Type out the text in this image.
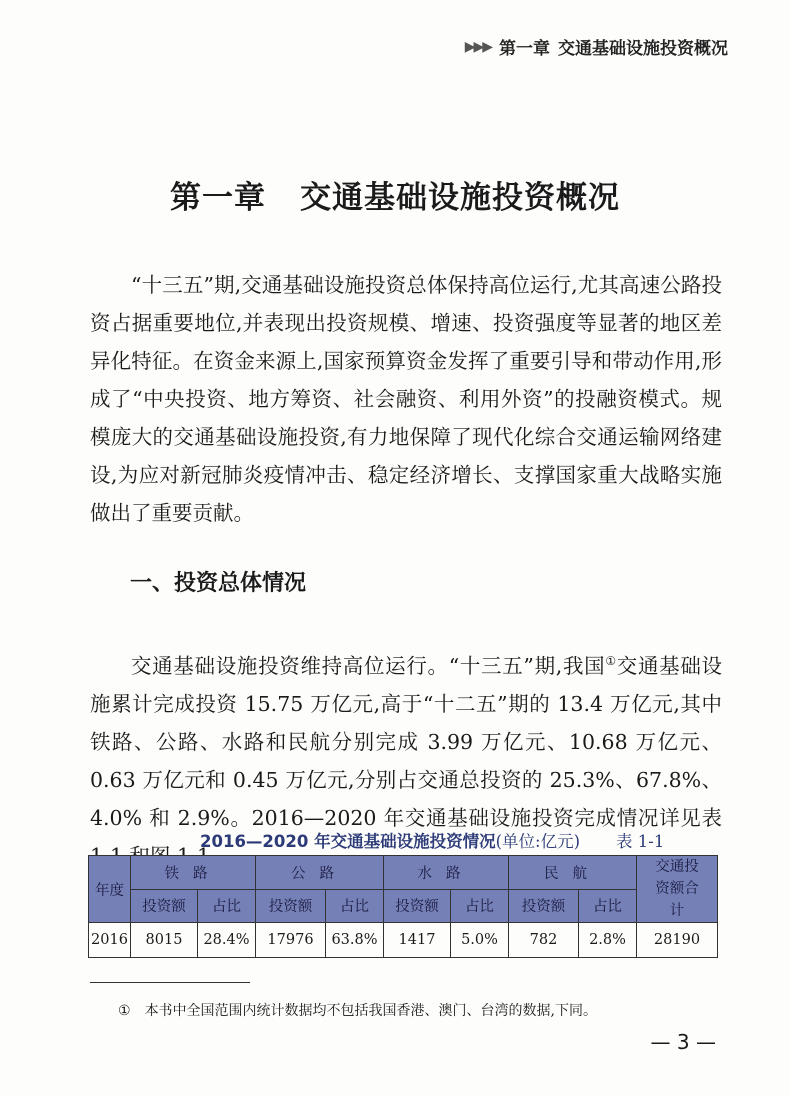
▶▶▶ 第一章 交通基础设施投资概况
第一章 交通基础设施投资概况

“十三五”期,交通基础设施投资总体保持高位运行,尤其高速公路投资占据重要地位,并表现出投资规模、增速、投资强度等显著的地区差异化特征。在资金来源上,国家预算资金发挥了重要引导和带动作用,形成了“中央投资、地方筹资、社会融资、利用外资”的投融资模式。规模庞大的交通基础设施投资,有力地保障了现代化综合交通运输网络建设,为应对新冠肺炎疫情冲击、稳定经济增长、支撑国家重大战略实施做出了重要贡献。

一、投资总体情况

交通基础设施投资维持高位运行。“十三五”期,我国①交通基础设施累计完成投资 15.75 万亿元,高于“十二五”期的 13.4 万亿元,其中铁路、公路、水路和民航分别完成 3.99 万亿元、10.68 万亿元、0.63 万亿元和 0.45 万亿元,分别占交通总投资的 25.3%、67.8%、4.0% 和 2.9%。2016—2020 年交通基础设施投资完成情况详见表

2016—2020 年交通基础设施投资情况(单位:亿元) 表 1-1
年度	铁路		公路		水路		民航		交通投资额合计
	投资额	占比	投资额	占比	投资额	占比	投资额	占比	
2016	8015	28.4%	17976	63.8%	1417	5.0%	782	2.8%	28190
① 本书中全国范围内统计数据均不包括我国香港、澳门、台湾的数据,下同。
— 3 —
